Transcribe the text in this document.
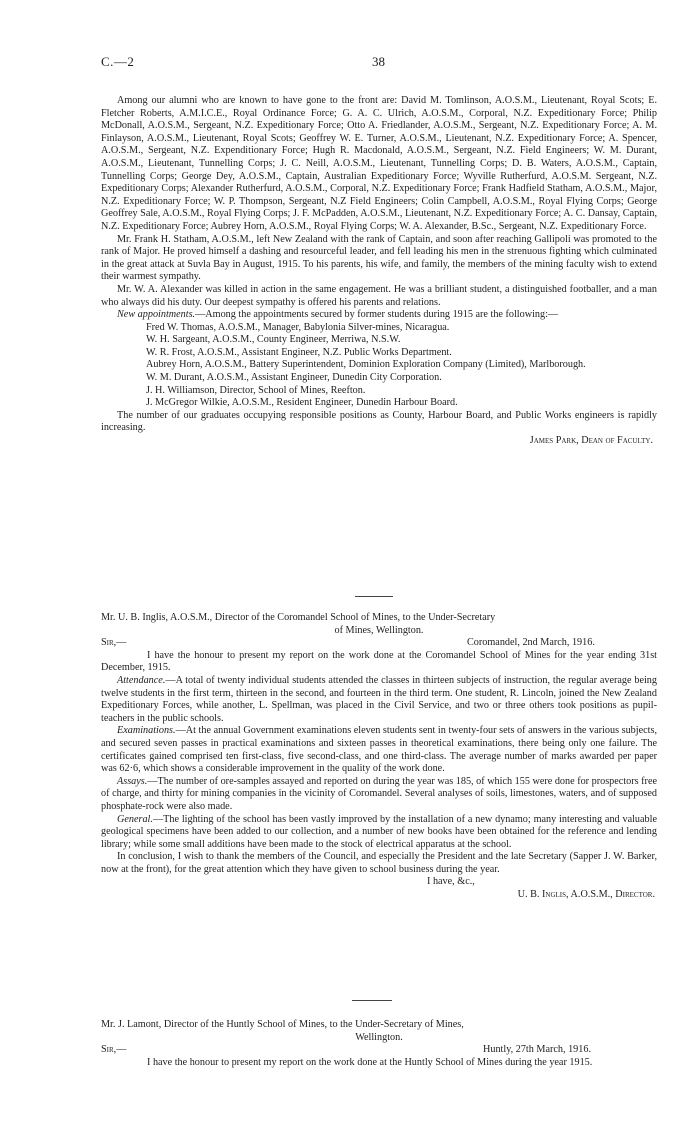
C.—2	38

Among our alumni who are known to have gone to the front are: David M. Tomlinson, A.O.S.M., Lieutenant, Royal Scots; E. Fletcher Roberts, A.M.I.C.E., Royal Ordinance Force; G. A. C. Ulrich, A.O.S.M., Corporal, N.Z. Expeditionary Force; Philip McDonall, A.O.S.M., Sergeant, N.Z. Expeditionary Force; Otto A. Friedlander, A.O.S.M., Sergeant, N.Z. Expeditionary Force; A. M. Finlayson, A.O.S.M., Lieutenant, Royal Scots; Geoffrey W. E. Turner, A.O.S.M., Lieutenant, N.Z. Expeditionary Force; A. Spencer, A.O.S.M., Sergeant, N.Z. Expenditionary Force; Hugh R. Macdonald, A.O.S.M., Sergeant, N.Z. Field Engineers; W. M. Durant, A.O.S.M., Lieutenant, Tunnelling Corps; J. C. Neill, A.O.S.M., Lieutenant, Tunnelling Corps; D. B. Waters, A.O.S.M., Captain, Tunnelling Corps; George Dey, A.O.S.M., Captain, Australian Expeditionary Force; Wyville Rutherfurd, A.O.S.M. Sergeant, N.Z. Expeditionary Corps; Alexander Rutherfurd, A.O.S.M., Corporal, N.Z. Expeditionary Force; Frank Hadfield Statham, A.O.S.M., Major, N.Z. Expeditionary Force; W. P. Thompson, Sergeant, N.Z Field Engineers; Colin Campbell, A.O.S.M., Royal Flying Corps; George Geoffrey Sale, A.O.S.M., Royal Flying Corps; J. F. McPadden, A.O.S.M., Lieutenant, N.Z. Expeditionary Force; A. C. Dansay, Captain, N.Z. Expeditionary Force; Aubrey Horn, A.O.S.M., Royal Flying Corps; W. A. Alexander, B.Sc., Sergeant, N.Z. Expeditionary Force.

Mr. Frank H. Statham, A.O.S.M., left New Zealand with the rank of Captain, and soon after reaching Gallipoli was promoted to the rank of Major. He proved himself a dashing and resourceful leader, and fell leading his men in the strenuous fighting which culminated in the great attack at Suvla Bay in August, 1915. To his parents, his wife, and family, the members of the mining faculty wish to extend their warmest sympathy.

Mr. W. A. Alexander was killed in action in the same engagement. He was a brilliant student, a distinguished footballer, and a man who always did his duty. Our deepest sympathy is offered his parents and relations.

New appointments.—Among the appointments secured by former students during 1915 are the following:—

Fred W. Thomas, A.O.S.M., Manager, Babylonia Silver-mines, Nicaragua.
W. H. Sargeant, A.O.S.M., County Engineer, Merriwa, N.S.W.
W. R. Frost, A.O.S.M., Assistant Engineer, N.Z. Public Works Department.
Aubrey Horn, A.O.S.M., Battery Superintendent, Dominion Exploration Company (Limited), Marlborough.
W. M. Durant, A.O.S.M., Assistant Engineer, Dunedin City Corporation.
J. H. Williamson, Director, School of Mines, Reefton.
J. McGregor Wilkie, A.O.S.M., Resident Engineer, Dunedin Harbour Board.

The number of our graduates occupying responsible positions as County, Harbour Board, and Public Works engineers is rapidly increasing.

James Park, Dean of Faculty.

Mr. U. B. Inglis, A.O.S.M., Director of the Coromandel School of Mines, to the Under-Secretary

of Mines, Wellington.

Sir,—	Coromandel, 2nd March, 1916.

I have the honour to present my report on the work done at the Coromandel School of Mines for the year ending 31st December, 1915.

Attendance.—A total of twenty individual students attended the classes in thirteen subjects of instruction, the regular average being twelve students in the first term, thirteen in the second, and fourteen in the third term. One student, R. Lincoln, joined the New Zealand Expeditionary Forces, while another, L. Spellman, was placed in the Civil Service, and two or three others took positions as pupil-teachers in the public schools.

Examinations.—At the annual Government examinations eleven students sent in twenty-four sets of answers in the various subjects, and secured seven passes in practical examinations and sixteen passes in theoretical examinations, there being only one failure. The certificates gained comprised ten first-class, five second-class, and one third-class. The average number of marks awarded per paper was 62·6, which shows a considerable improvement in the quality of the work done.

Assays.—The number of ore-samples assayed and reported on during the year was 185, of which 155 were done for prospectors free of charge, and thirty for mining companies in the vicinity of Coromandel. Several analyses of soils, limestones, waters, and of supposed phosphate-rock were also made.

General.—The lighting of the school has been vastly improved by the installation of a new dynamo; many interesting and valuable geological specimens have been added to our collection, and a number of new books have been obtained for the reference and lending library; while some small additions have been made to the stock of electrical apparatus at the school.

In conclusion, I wish to thank the members of the Council, and especially the President and the late Secretary (Sapper J. W. Barker, now at the front), for the great attention which they have given to school business during the year.

I have, &c.,

U. B. Inglis, A.O.S.M., Director.

Mr. J. Lamont, Director of the Huntly School of Mines, to the Under-Secretary of Mines,

Wellington.

Sir,—	Huntly, 27th March, 1916.

I have the honour to present my report on the work done at the Huntly School of Mines during the year 1915.
